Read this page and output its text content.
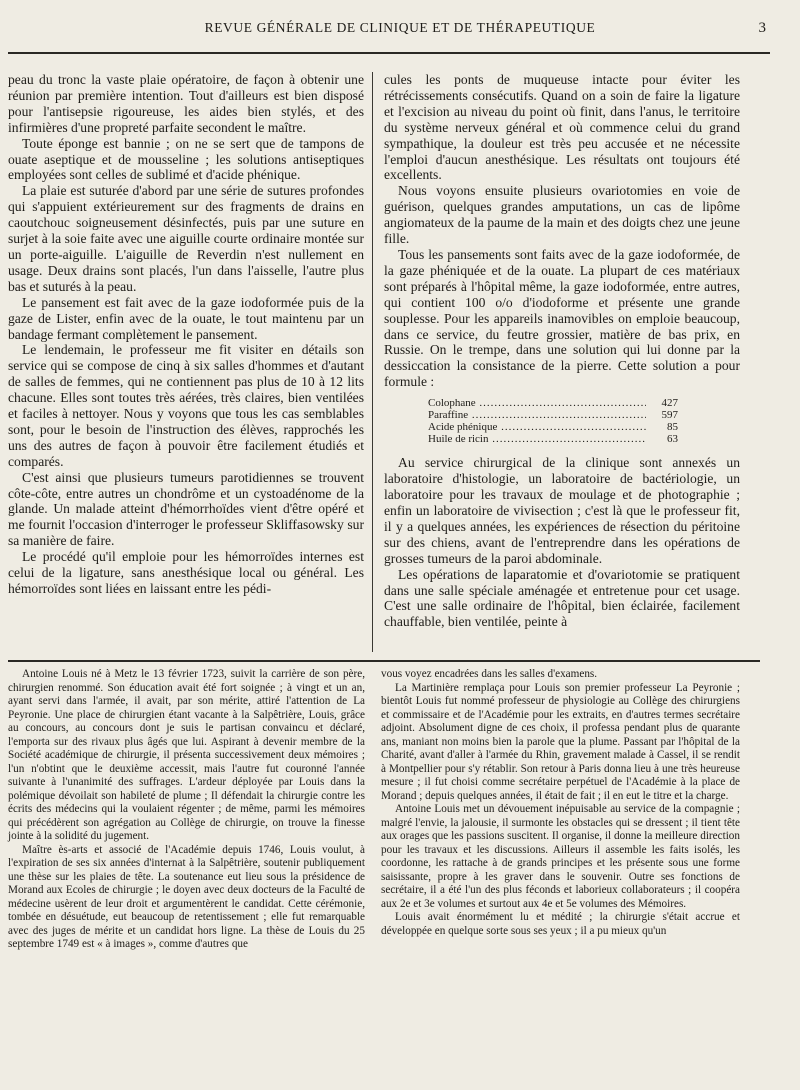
REVUE GÉNÉRALE DE CLINIQUE ET DE THÉRAPEUTIQUE	3

peau du tronc la vaste plaie opératoire, de façon à obtenir une réunion par première intention. Tout d'ailleurs est bien disposé pour l'antisepsie rigoureuse, les aides bien stylés, et des infirmières d'une propreté parfaite secondent le maître.

Toute éponge est bannie ; on ne se sert que de tampons de ouate aseptique et de mousseline ; les solutions antiseptiques employées sont celles de sublimé et d'acide phénique.

La plaie est suturée d'abord par une série de sutures profondes qui s'appuient extérieurement sur des fragments de drains en caoutchouc soigneusement désinfectés, puis par une suture en surjet à la soie faite avec une aiguille courte ordinaire montée sur un porte-aiguille. L'aiguille de Reverdin n'est nullement en usage. Deux drains sont placés, l'un dans l'aisselle, l'autre plus bas et suturés à la peau.

Le pansement est fait avec de la gaze iodoformée puis de la gaze de Lister, enfin avec de la ouate, le tout maintenu par un bandage fermant complètement le pansement.

Le lendemain, le professeur me fit visiter en détails son service qui se compose de cinq à six salles d'hommes et d'autant de salles de femmes, qui ne contiennent pas plus de 10 à 12 lits chacune. Elles sont toutes très aérées, très claires, bien ventilées et faciles à nettoyer. Nous y voyons que tous les cas semblables sont, pour le besoin de l'instruction des élèves, rapprochés les uns des autres de façon à pouvoir être facilement étudiés et comparés.

C'est ainsi que plusieurs tumeurs parotidiennes se trouvent côte-côte, entre autres un chondrôme et un cystoadénome de la glande. Un malade atteint d'hémorrhoïdes vient d'être opéré et me fournit l'occasion d'interroger le professeur Skliffasowsky sur sa manière de faire.

Le procédé qu'il emploie pour les hémorroïdes internes est celui de la ligature, sans anesthésique local ou général. Les hémorroïdes sont liées en laissant entre les pédi-

cules les ponts de muqueuse intacte pour éviter les rétrécissements consécutifs. Quand on a soin de faire la ligature et l'excision au niveau du point où finit, dans l'anus, le territoire du système nerveux général et où commence celui du grand sympathique, la douleur est très peu accusée et ne nécessite l'emploi d'aucun anesthésique. Les résultats ont toujours été excellents.

Nous voyons ensuite plusieurs ovariotomies en voie de guérison, quelques grandes amputations, un cas de lipôme angiomateux de la paume de la main et des doigts chez une jeune fille.

Tous les pansements sont faits avec de la gaze iodoformée, de la gaze phéniquée et de la ouate. La plupart de ces matériaux sont préparés à l'hôpital même, la gaze iodoformée, entre autres, qui contient 100 o/o d'iodoforme et présente une grande souplesse. Pour les appareils inamovibles on emploie beaucoup, dans ce service, du feutre grossier, matière de bas prix, en Russie. On le trempe, dans une solution qui lui donne par la dessiccation la consistance de la pierre. Cette solution a pour formule :

Colophane .....	427
Paraffine .....	597
Acide phénique .....	85
Huile de ricin .....	63

Au service chirurgical de la clinique sont annexés un laboratoire d'histologie, un laboratoire de bactériologie, un laboratoire pour les travaux de moulage et de photographie ; enfin un laboratoire de vivisection ; c'est là que le professeur fit, il y a quelques années, les expériences de résection du péritoine sur des chiens, avant de l'entreprendre dans les opérations de grosses tumeurs de la paroi abdominale.

Les opérations de laparatomie et d'ovariotomie se pratiquent dans une salle spéciale aménagée et entretenue pour cet usage. C'est une salle ordinaire de l'hôpital, bien éclairée, facilement chauffable, bien ventilée, peinte à

Antoine Louis né à Metz le 13 février 1723, suivit la carrière de son père, chirurgien renommé. Son éducation avait été fort soignée ; à vingt et un an, ayant servi dans l'armée, il avait, par son mérite, attiré l'attention de La Peyronie. Une place de chirurgien étant vacante à la Salpêtrière, Louis, grâce au concours, au concours dont je suis le partisan convaincu et déclaré, l'emporta sur des rivaux plus âgés que lui. Aspirant à devenir membre de la Société académique de chirurgie, il présenta successivement deux mémoires ; l'un n'obtint que le deuxième accessit, mais l'autre fut couronné l'année suivante à l'unanimité des suffrages. L'ardeur déployée par Louis dans la polémique dévoilait son habileté de plume ; Il défendait la chirurgie contre les écrits des médecins qui la voulaient régenter ; de même, parmi les mémoires qui précédèrent son agrégation au Collège de chirurgie, on trouve la finesse jointe à la solidité du jugement.

Maître ès-arts et associé de l'Académie depuis 1746, Louis voulut, à l'expiration de ses six années d'internat à la Salpêtrière, soutenir publiquement une thèse sur les plaies de tête. La soutenance eut lieu sous la présidence de Morand aux Ecoles de chirurgie ; le doyen avec deux docteurs de la Faculté de médecine usèrent de leur droit et argumentèrent le candidat. Cette cérémonie, tombée en désuétude, eut beaucoup de retentissement ; elle fut remarquable avec des juges de mérite et un candidat hors ligne. La thèse de Louis du 25 septembre 1749 est « à images », comme d'autres que

vous voyez encadrées dans les salles d'examens.

La Martinière remplaça pour Louis son premier professeur La Peyronie ; bientôt Louis fut nommé professeur de physiologie au Collège des chirurgiens et commissaire et de l'Académie pour les extraits, en d'autres termes secrétaire adjoint. Absolument digne de ces choix, il professa pendant plus de quarante ans, maniant non moins bien la parole que la plume. Passant par l'hôpital de la Charité, avant d'aller à l'armée du Rhin, gravement malade à Cassel, il se rendit à Montpellier pour s'y rétablir. Son retour à Paris donna lieu à une très heureuse mesure ; il fut choisi comme secrétaire perpétuel de l'Académie à la place de Morand ; depuis quelques années, il était de fait ; il en eut le titre et la charge.

Antoine Louis met un dévouement inépuisable au service de la compagnie ; malgré l'envie, la jalousie, il surmonte les obstacles qui se dressent ; il tient tête aux orages que les passions suscitent. Il organise, il donne la meilleure direction pour les travaux et les discussions. Ailleurs il assemble les faits isolés, les coordonne, les rattache à de grands principes et les présente sous une forme saisissante, propre à les graver dans le souvenir. Outre ses fonctions de secrétaire, il a été l'un des plus féconds et laborieux collaborateurs ; il coopéra aux 2e et 3e volumes et surtout aux 4e et 5e volumes des Mémoires.

Louis avait énormément lu et médité ; la chirurgie s'était accrue et développée en quelque sorte sous ses yeux ; il a pu mieux qu'un
